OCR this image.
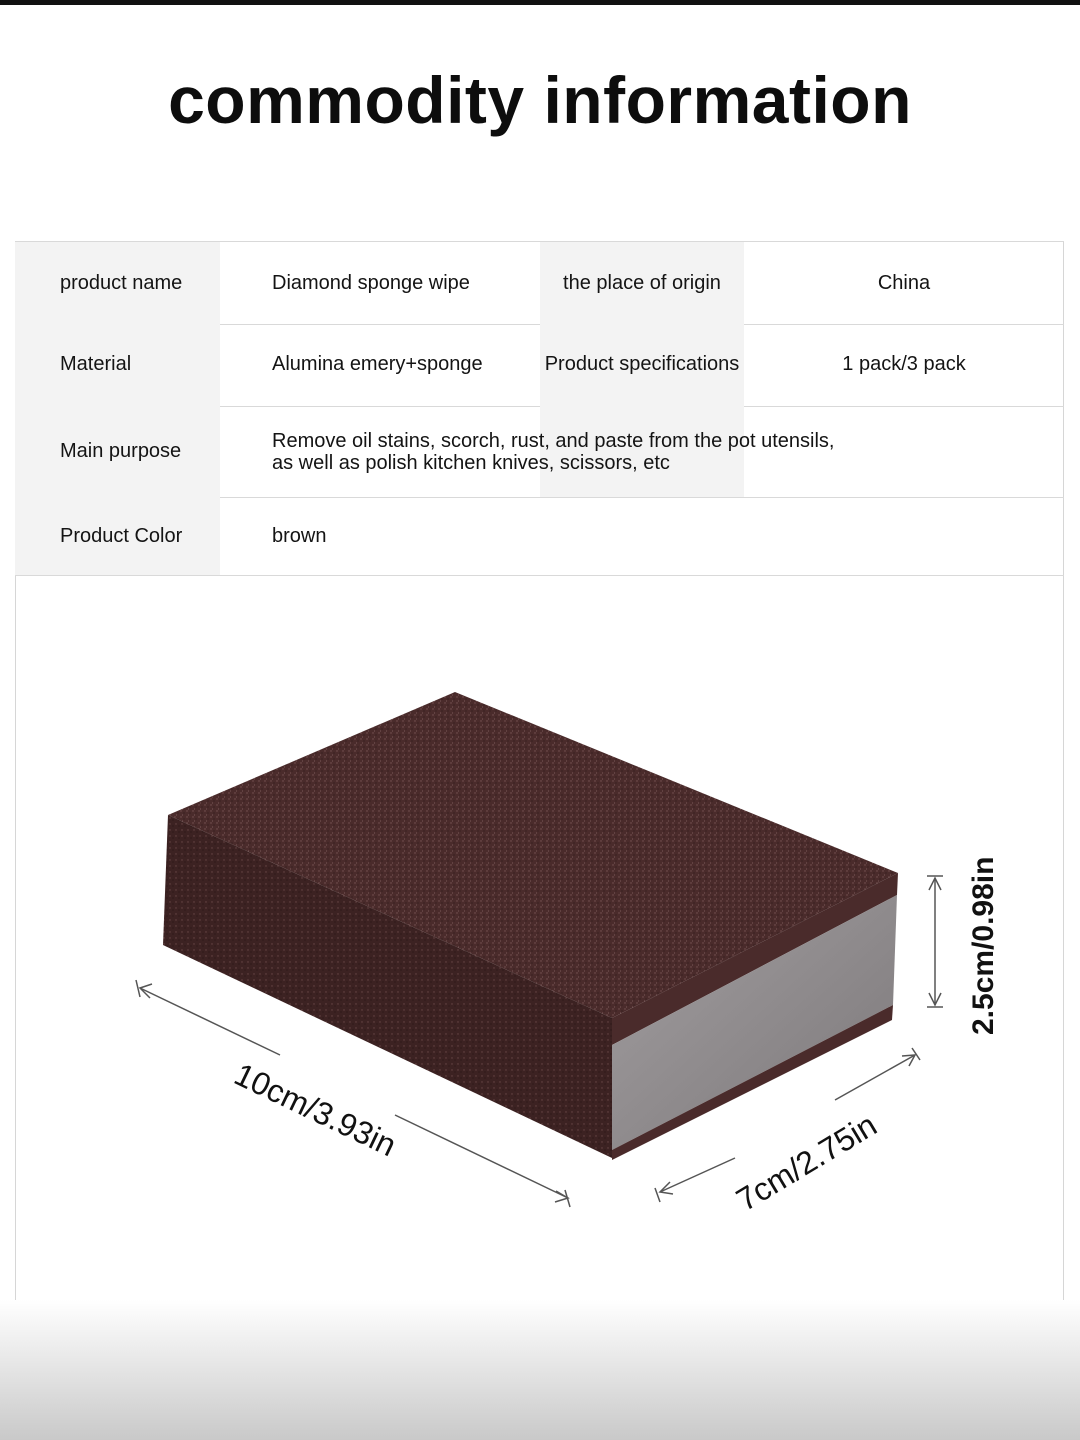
commodity information
product name	Diamond sponge wipe	the place of origin	China
Material	Alumina emery+sponge	Product specifications	1 pack/3 pack
Main purpose	Remove oil stains, scorch, rust, and paste from the pot utensils,
as well as polish kitchen knives, scissors, etc
Product Color	brown
10cm/3.93in	7cm/2.75in
2.5cm/0.98in
